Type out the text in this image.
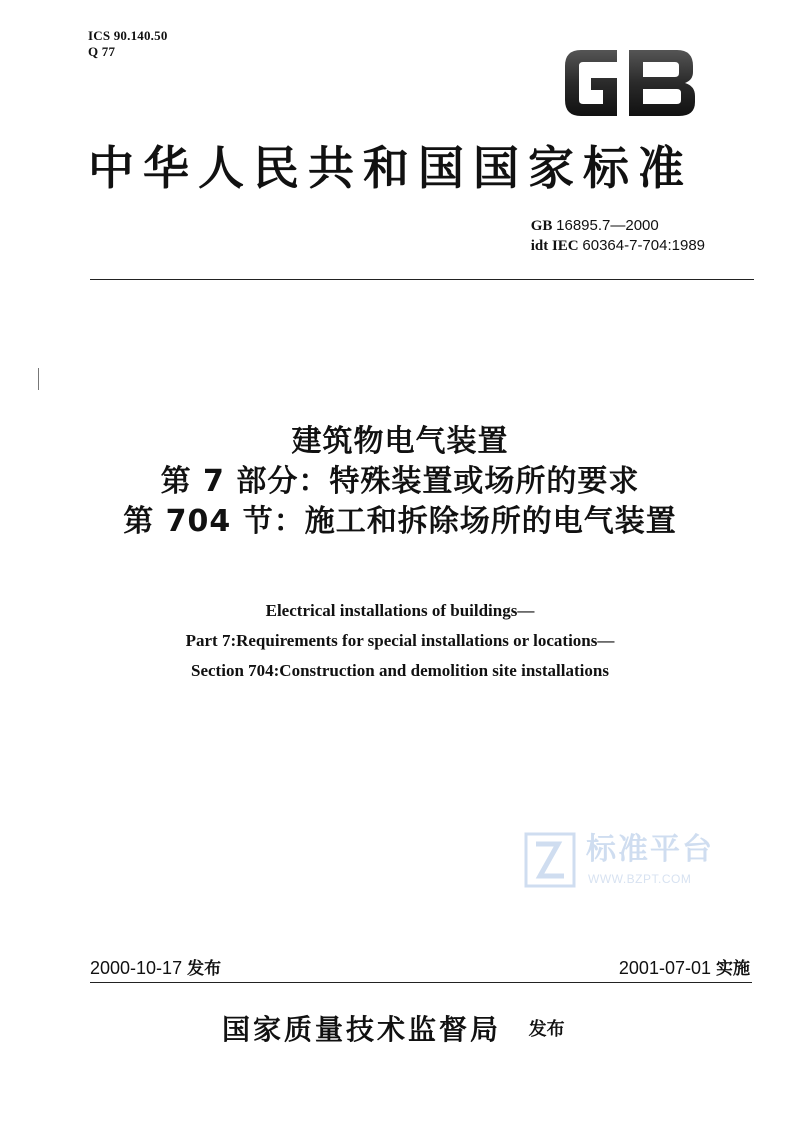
ICS 90.140.50
Q 77
中华人民共和国国家标准
GB 16895.7—2000
idt IEC 60364-7-704:1989
建筑物电气装置
第 7 部分：特殊装置或场所的要求
第 704 节：施工和拆除场所的电气装置
Electrical installations of buildings—
Part 7:Requirements for special installations or locations—
Section 704:Construction and demolition site installations
标准平台
WWW.BZPT.COM
2000-10-17 发布	2001-07-01 实施
国家质量技术监督局 发布
